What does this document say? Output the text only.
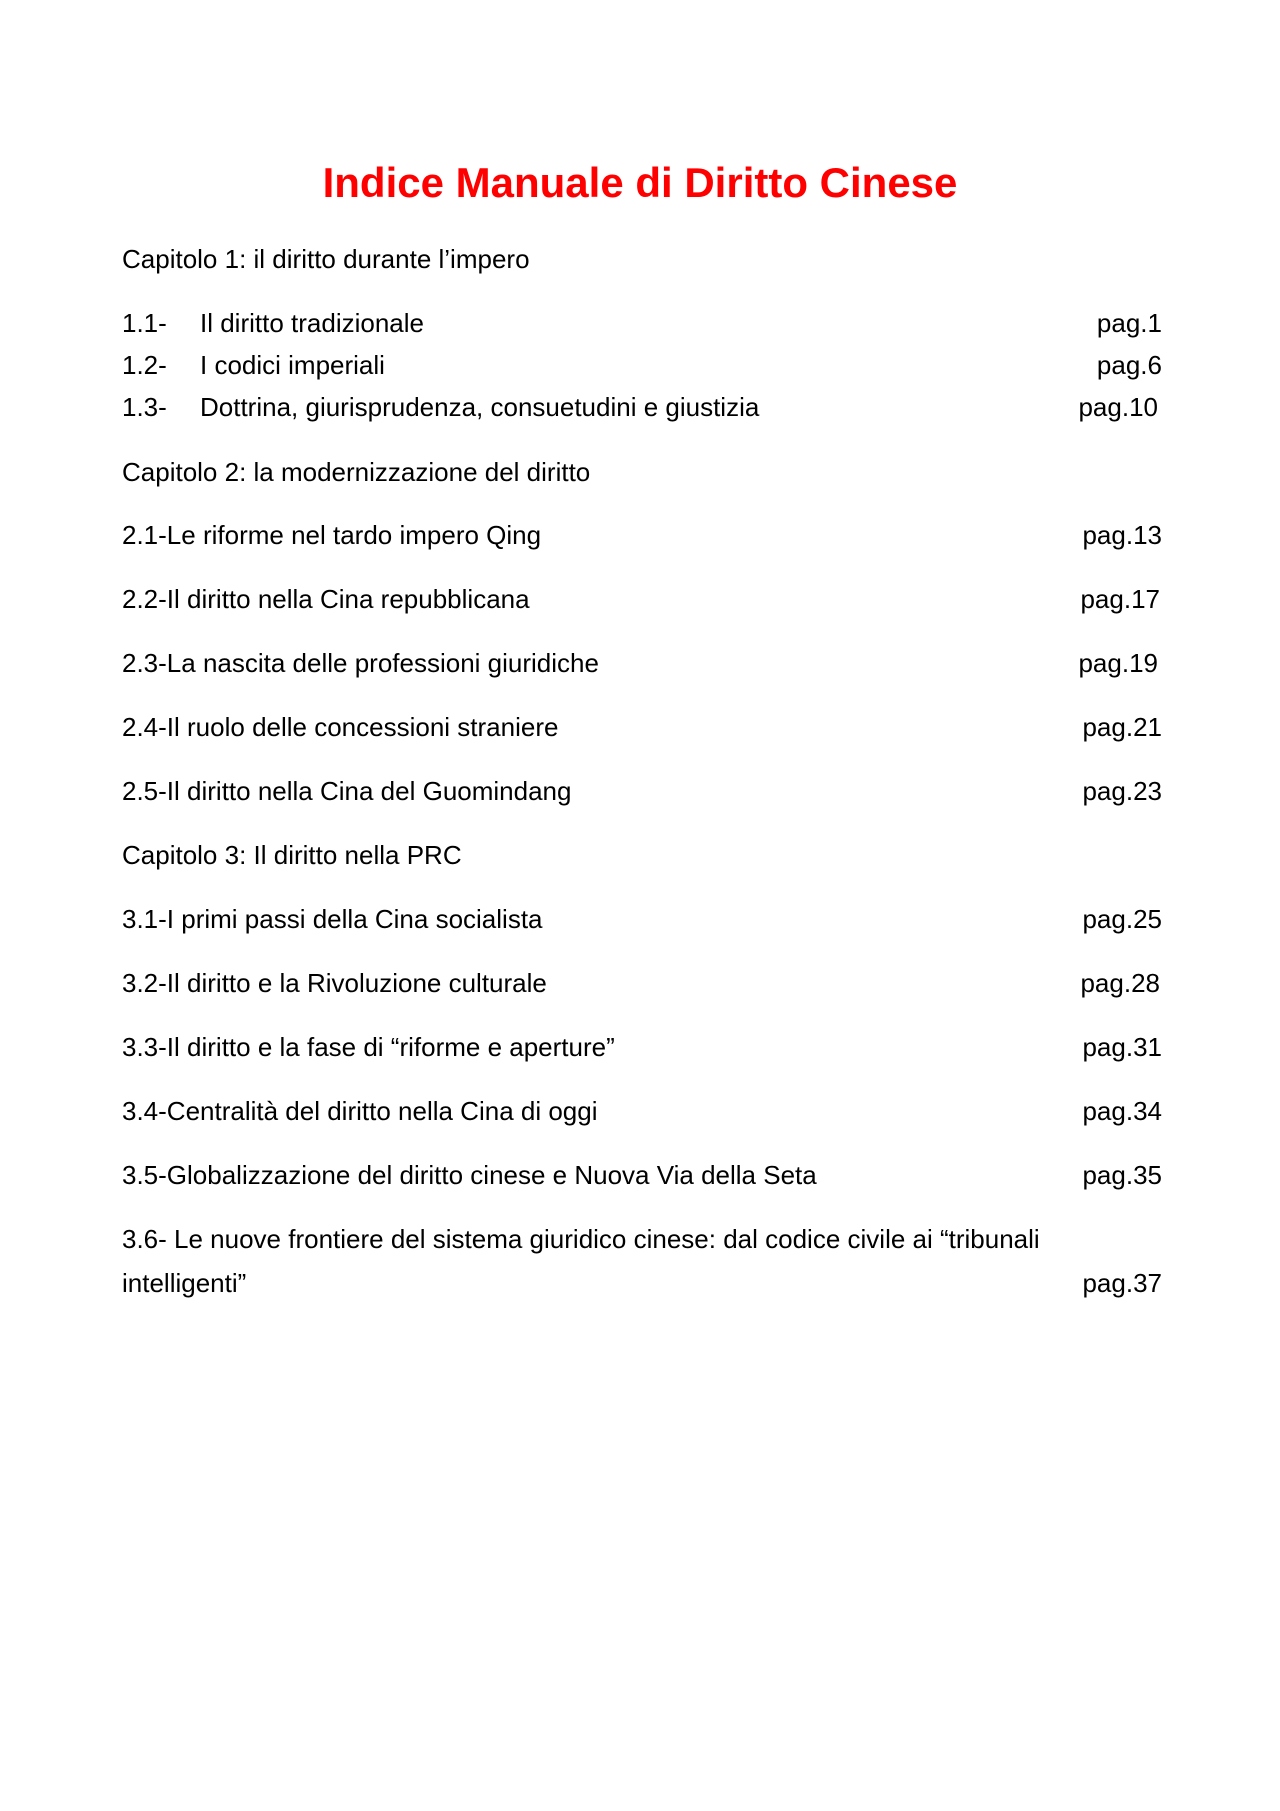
Indice Manuale di Diritto Cinese
Capitolo 1: il diritto durante l’impero
1.1- Il diritto tradizionale	pag.1
1.2- I codici imperiali	pag.6
1.3- Dottrina, giurisprudenza, consuetudini e giustizia	pag.10
Capitolo 2: la modernizzazione del diritto
2.1-Le riforme nel tardo impero Qing	pag.13
2.2-Il diritto nella Cina repubblicana	pag.17
2.3-La nascita delle professioni giuridiche	pag.19
2.4-Il ruolo delle concessioni straniere	pag.21
2.5-Il diritto nella Cina del Guomindang	pag.23
Capitolo 3: Il diritto nella PRC
3.1-I primi passi della Cina socialista	pag.25
3.2-Il diritto e la Rivoluzione culturale	pag.28
3.3-Il diritto e la fase di “riforme e aperture”	pag.31
3.4-Centralità del diritto nella Cina di oggi	pag.34
3.5-Globalizzazione del diritto cinese e Nuova Via della Seta	pag.35
3.6- Le nuove frontiere del sistema giuridico cinese: dal codice civile ai “tribunali
intelligenti”	pag.37
